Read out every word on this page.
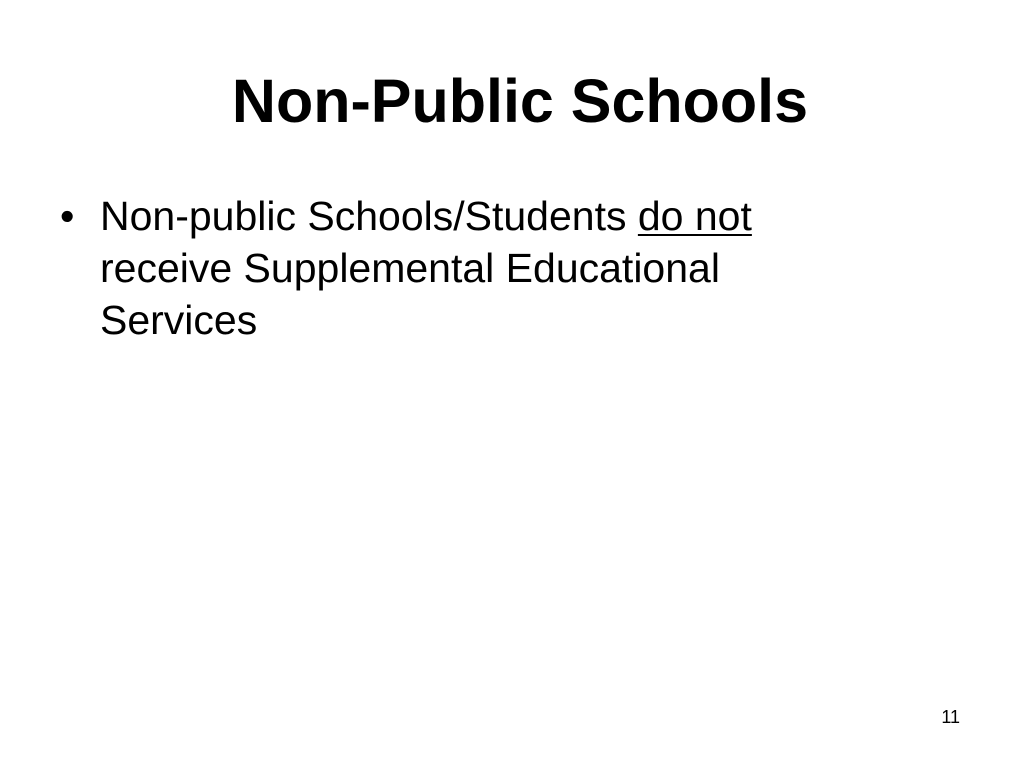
Non-Public Schools
• Non-public Schools/Students do not receive Supplemental Educational Services
11
